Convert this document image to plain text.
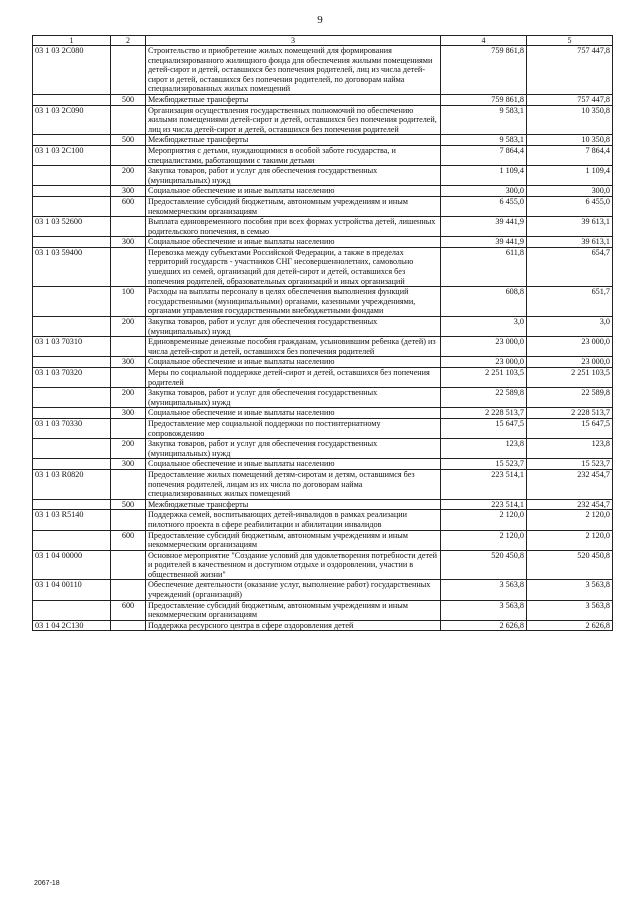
9
1	2	3	4	5
03 1 03 2С080		Строительство и приобретение жилых помещений для формирования специализированного жилищного фонда для обеспечения жилыми помещениями детей-сирот и детей, оставшихся без попечения родителей, лиц из числа детей-сирот и детей, оставшихся без попечения родителей, по договорам найма специализированных жилых помещений	759 861,8	757 447,8
	500	Межбюджетные трансферты	759 861,8	757 447,8
03 1 03 2С090		Организация осуществления государственных полномочий по обеспечению жилыми помещениями детей-сирот и детей, оставшихся без попечения родителей, лиц из числа детей-сирот и детей, оставшихся без попечения родителей	9 583,1	10 350,8
	500	Межбюджетные трансферты	9 583,1	10 350,8
03 1 03 2С100		Мероприятия с детьми, нуждающимися в особой заботе государства, и специалистами, работающими с такими детьми	7 864,4	7 864,4
	200	Закупка товаров, работ и услуг для обеспечения государственных (муниципальных) нужд	1 109,4	1 109,4
	300	Социальное обеспечение и иные выплаты населению	300,0	300,0
	600	Предоставление субсидий бюджетным, автономным учреждениям и иным некоммерческим организациям	6 455,0	6 455,0
03 1 03 52600		Выплата единовременного пособия при всех формах устройства детей, лишенных родительского попечения, в семью	39 441,9	39 613,1
	300	Социальное обеспечение и иные выплаты населению	39 441,9	39 613,1
03 1 03 59400		Перевозка между субъектами Российской Федерации, а также в пределах территорий государств - участников СНГ несовершеннолетних, самовольно ушедших из семей, организаций для детей-сирот и детей, оставшихся без попечения родителей, образовательных организаций и иных организаций	611,8	654,7
	100	Расходы на выплаты персоналу в целях обеспечения выполнения функций государственными (муниципальными) органами, казенными учреждениями, органами управления государственными внебюджетными фондами	608,8	651,7
	200	Закупка товаров, работ и услуг для обеспечения государственных (муниципальных) нужд	3,0	3,0
03 1 03 70310		Единовременные денежные пособия гражданам, усыновившим ребенка (детей) из числа детей-сирот и детей, оставшихся без попечения родителей	23 000,0	23 000,0
	300	Социальное обеспечение и иные выплаты населению	23 000,0	23 000,0
03 1 03 70320		Меры по социальной поддержке детей-сирот и детей, оставшихся без попечения родителей	2 251 103,5	2 251 103,5
	200	Закупка товаров, работ и услуг для обеспечения государственных (муниципальных) нужд	22 589,8	22 589,8
	300	Социальное обеспечение и иные выплаты населению	2 228 513,7	2 228 513,7
03 1 03 70330		Предоставление мер социальной поддержки по постинтернатному сопровождению	15 647,5	15 647,5
	200	Закупка товаров, работ и услуг для обеспечения государственных (муниципальных) нужд	123,8	123,8
	300	Социальное обеспечение и иные выплаты населению	15 523,7	15 523,7
03 1 03 R0820		Предоставление жилых помещений детям-сиротам и детям, оставшимся без попечения родителей, лицам из их числа по договорам найма специализированных жилых помещений	223 514,1	232 454,7
	500	Межбюджетные трансферты	223 514,1	232 454,7
03 1 03 R5140		Поддержка семей, воспитывающих детей-инвалидов в рамках реализации пилотного проекта в сфере реабилитации и абилитации инвалидов	2 120,0	2 120,0
	600	Предоставление субсидий бюджетным, автономным учреждениям и иным некоммерческим организациям	2 120,0	2 120,0
03 1 04 00000		Основное мероприятие "Создание условий для удовлетворения потребности детей и родителей в качественном и доступном отдыхе и оздоровлении, участии в общественной жизни"	520 450,8	520 450,8
03 1 04 00110		Обеспечение деятельности (оказание услуг, выполнение работ) государственных учреждений (организаций)	3 563,8	3 563,8
	600	Предоставление субсидий бюджетным, автономным учреждениям и иным некоммерческим организациям	3 563,8	3 563,8
03 1 04 2С130		Поддержка ресурсного центра в сфере оздоровления детей	2 626,8	2 626,8
2067-18
